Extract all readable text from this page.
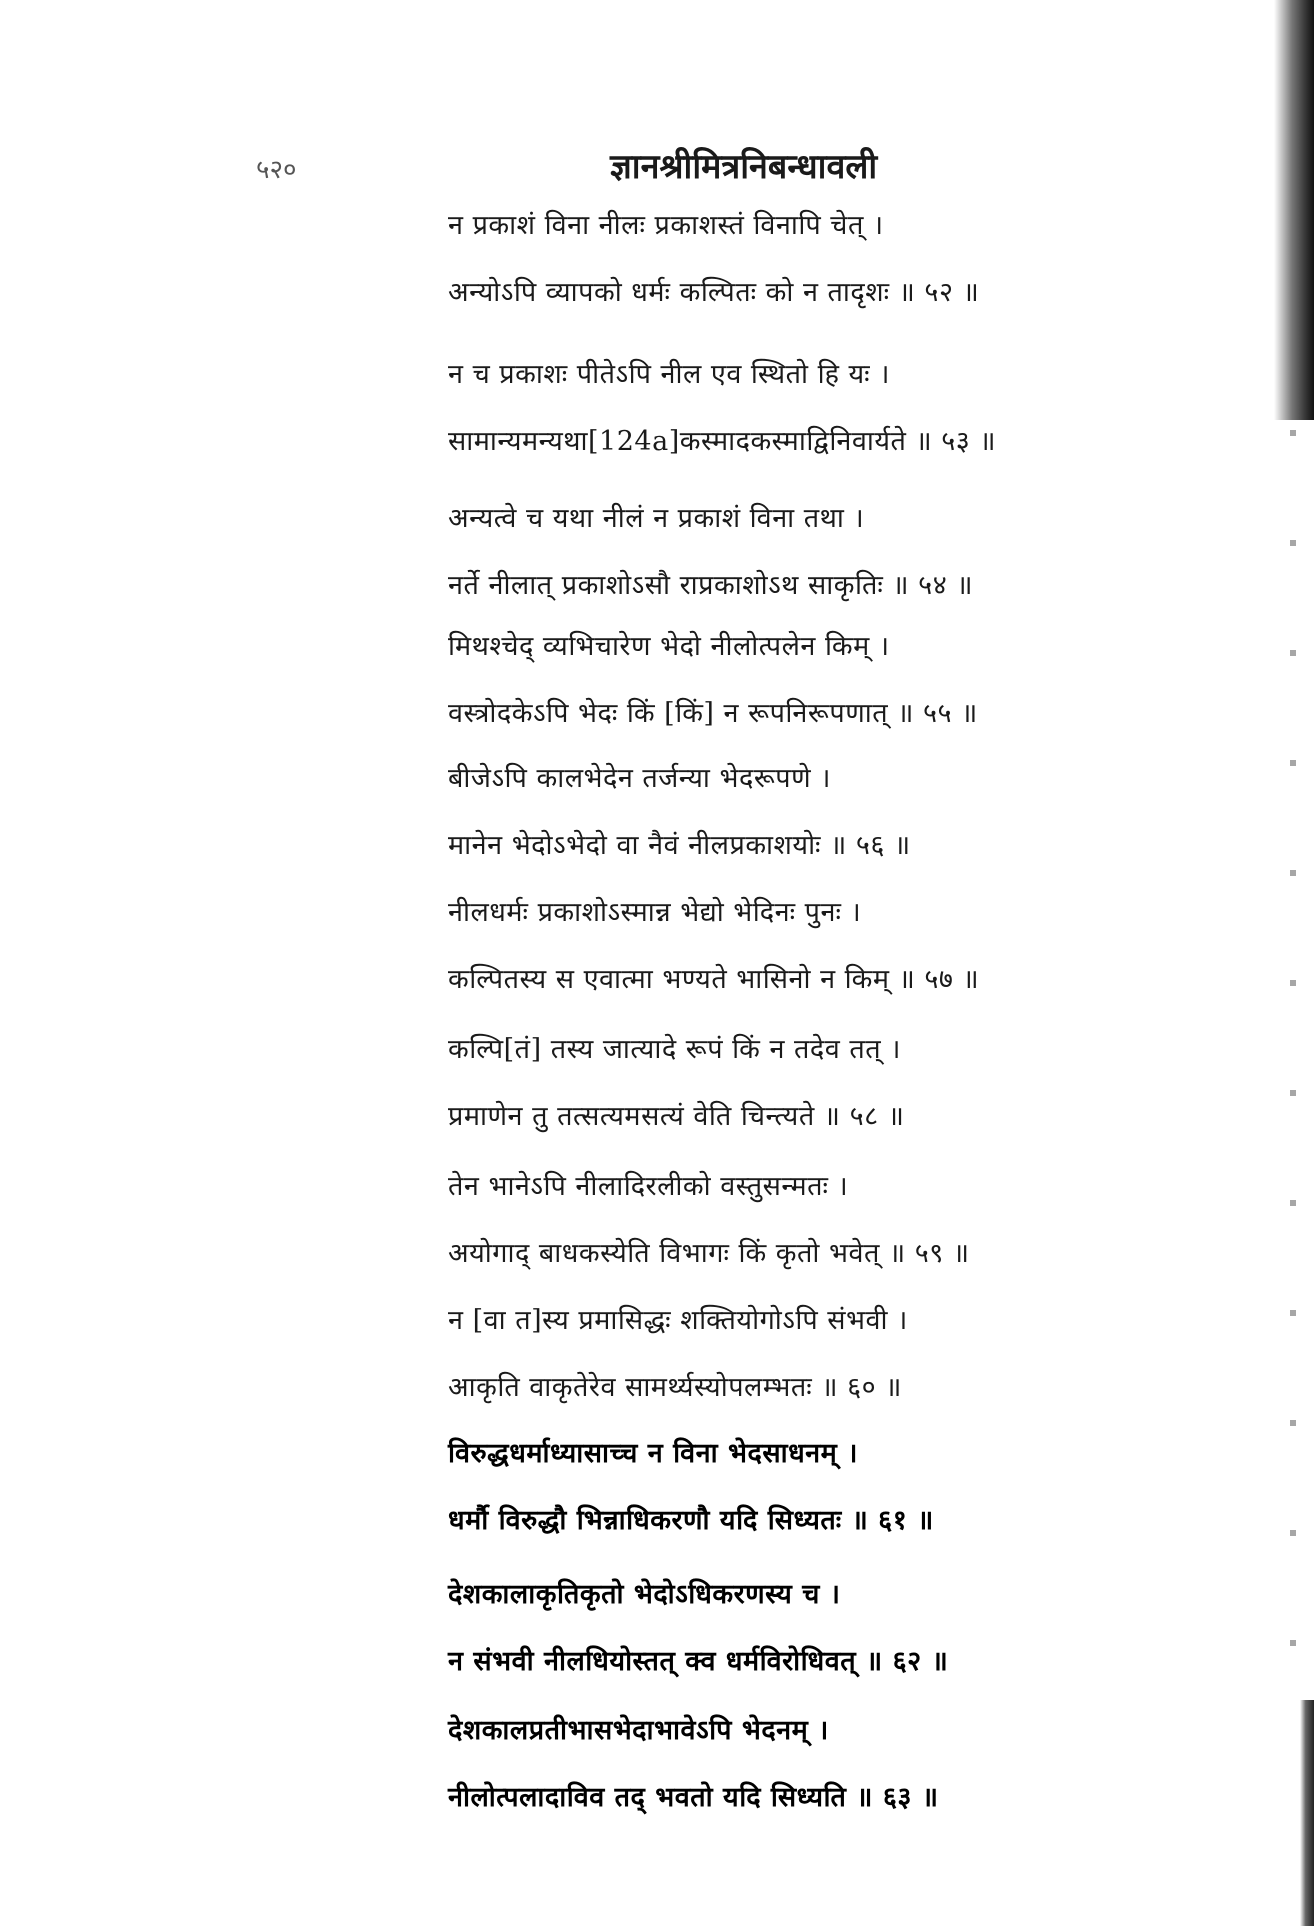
५२०	ज्ञानश्रीमित्रनिबन्धावली
न प्रकाशं विना नीलः प्रकाशस्तं विनापि चेत् ।
अन्योऽपि व्यापको धर्मः कल्पितः को न तादृशः ॥ ५२ ॥
न च प्रकाशः पीतेऽपि नील एव स्थितो हि यः ।
सामान्यमन्यथा[124a]कस्मादकस्माद्विनिवार्यते ॥ ५३ ॥
अन्यत्वे च यथा नीलं न प्रकाशं विना तथा ।
नर्ते नीलात् प्रकाशोऽसौ राप्रकाशोऽथ साकृतिः ॥ ५४ ॥
मिथश्चेद् व्यभिचारेण भेदो नीलोत्पलेन किम् ।
वस्त्रोदकेऽपि भेदः किं [किं] न रूपनिरूपणात् ॥ ५५ ॥
बीजेऽपि कालभेदेन तर्जन्या भेदरूपणे ।
मानेन भेदोऽभेदो वा नैवं नीलप्रकाशयोः ॥ ५६ ॥
नीलधर्मः प्रकाशोऽस्मान्न भेद्यो भेदिनः पुनः ।
कल्पितस्य स एवात्मा भण्यते भासिनो न किम् ॥ ५७ ॥
कल्पि[तं] तस्य जात्यादे रूपं किं न तदेव तत् ।
प्रमाणेन तु तत्सत्यमसत्यं वेति चिन्त्यते ॥ ५८ ॥
तेन भानेऽपि नीलादिरलीको वस्तुसन्मतः ।
अयोगाद् बाधकस्येति विभागः किं कृतो भवेत् ॥ ५९ ॥
न [वा त]स्य प्रमासिद्धः शक्तियोगोऽपि संभवी ।
आकृति वाकृतेरेव सामर्थ्यस्योपलम्भतः ॥ ६० ॥
विरुद्धधर्माध्यासाच्च न विना भेदसाधनम् ।
धर्मौ विरुद्धौ भिन्नाधिकरणौ यदि सिध्यतः ॥ ६१ ॥
देशकालाकृतिकृतो भेदोऽधिकरणस्य च ।
न संभवी नीलधियोस्तत् क्व धर्मविरोधिवत् ॥ ६२ ॥
देशकालप्रतीभासभेदाभावेऽपि भेदनम् ।
नीलोत्पलादाविव तद् भवतो यदि सिध्यति ॥ ६३ ॥
